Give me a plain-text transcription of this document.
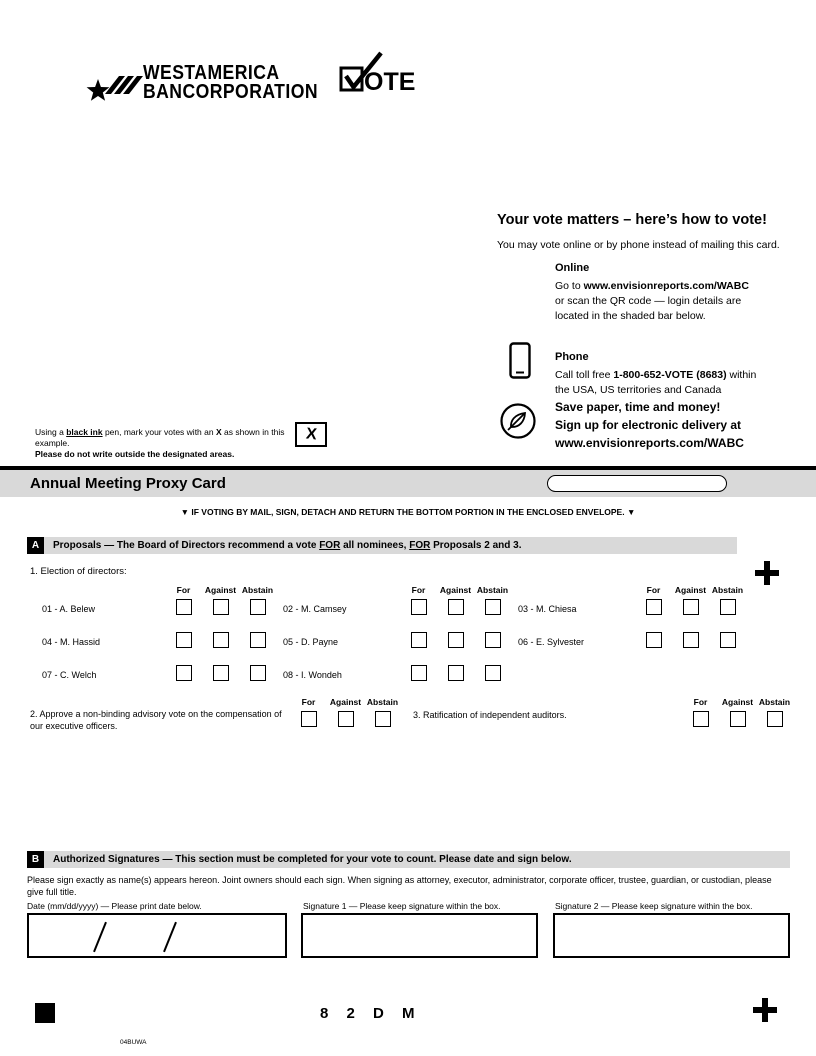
WESTAMERICA
BANCORPORATION OTE
Your vote matters – here’s how to vote!
You may vote online or by phone instead of mailing this card.
Online
Go to www.envisionreports.com/WABC
or scan the QR code — login details are
located in the shaded bar below.
Phone
Call toll free 1-800-652-VOTE (8683) within
the USA, US territories and Canada
Save paper, time and money!
Sign up for electronic delivery at
www.envisionreports.com/WABC
Using a black ink pen, mark your votes with an X as shown in this example.
Please do not write outside the designated areas.
X
Annual Meeting Proxy Card
▼ IF VOTING BY MAIL, SIGN, DETACH AND RETURN THE BOTTOM PORTION IN THE ENCLOSED ENVELOPE. ▼
A	Proposals — The Board of Directors recommend a vote FOR all nominees, FOR Proposals 2 and 3.
1. Election of directors:
For	Against Abstain	For	Against Abstain	For	Against Abstain
01 - A. Belew	02 - M. Camsey	03 - M. Chiesa
04 - M. Hassid	05 - D. Payne	06 - E. Sylvester
07 - C. Welch	08 - I. Wondeh
2. Approve a non-binding advisory vote on the compensation of our executive officers.
For	Against Abstain
3. Ratification of independent auditors.
For	Against Abstain
B	Authorized Signatures — This section must be completed for your vote to count. Please date and sign below.
Please sign exactly as name(s) appears hereon. Joint owners should each sign. When signing as attorney, executor, administrator, corporate officer, trustee, guardian, or custodian, please give full title.
Date (mm/dd/yyyy) — Please print date below.	Signature 1 — Please keep signature within the box.	Signature 2 — Please keep signature within the box.
8 2 D M
04BUWA
